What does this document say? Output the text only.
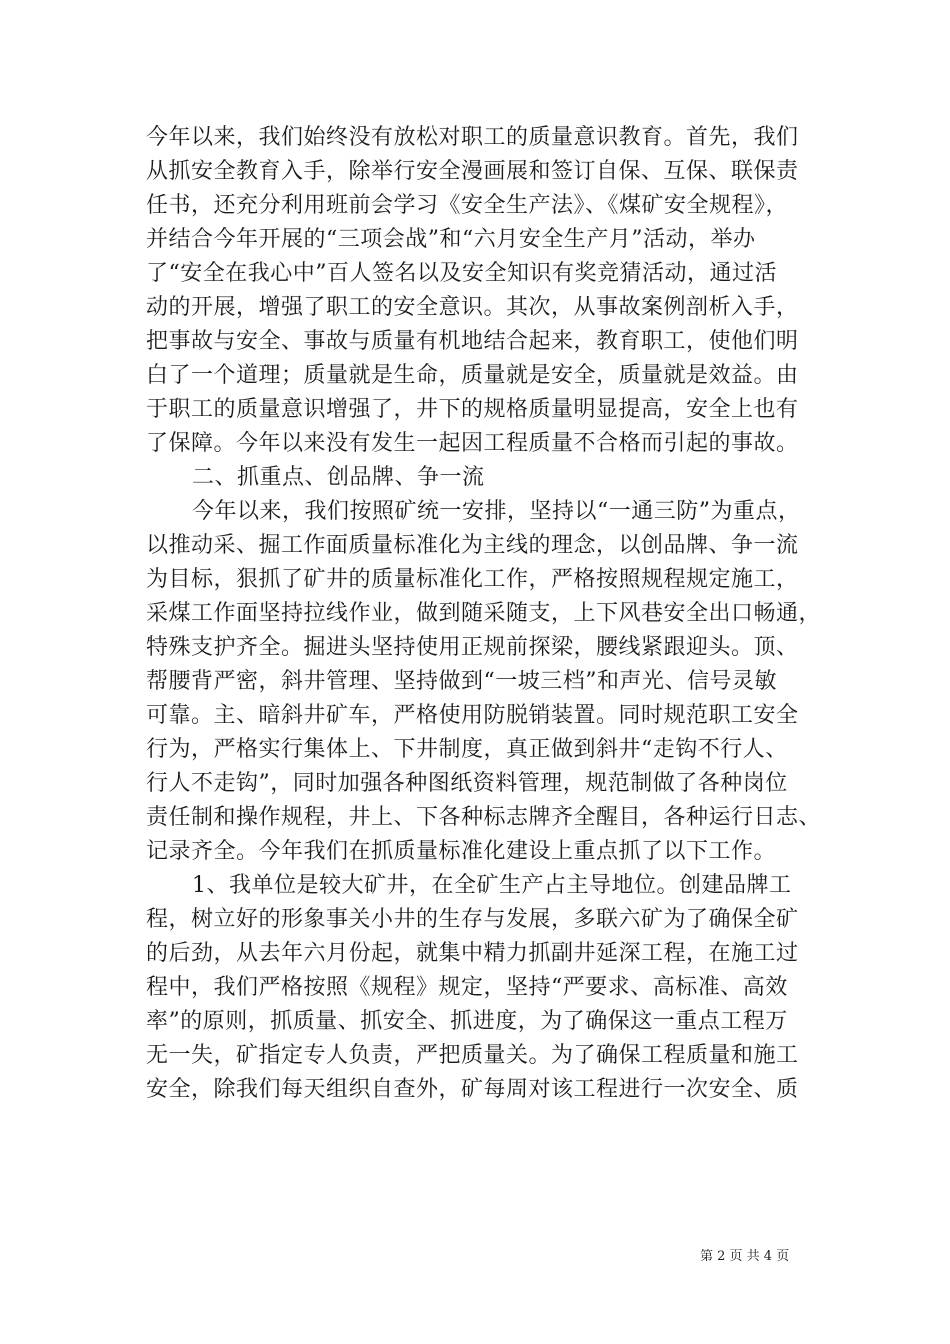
今年以来，我们始终没有放松对职工的质量意识教育。首先，我们
从抓安全教育入手，除举行安全漫画展和签订自保、互保、联保责
任书，还充分利用班前会学习《安全生产法》、《煤矿安全规程》，
并结合今年开展的“三项会战”和“六月安全生产月”活动，举办
了“安全在我心中”百人签名以及安全知识有奖竞猜活动，通过活
动的开展，增强了职工的安全意识。其次，从事故案例剖析入手，
把事故与安全、事故与质量有机地结合起来，教育职工，使他们明
白了一个道理；质量就是生命，质量就是安全，质量就是效益。由
于职工的质量意识增强了，井下的规格质量明显提高，安全上也有
了保障。今年以来没有发生一起因工程质量不合格而引起的事故。
二、抓重点、创品牌、争一流
今年以来，我们按照矿统一安排，坚持以“一通三防”为重点，
以推动采、掘工作面质量标准化为主线的理念，以创品牌、争一流
为目标，狠抓了矿井的质量标准化工作，严格按照规程规定施工，
采煤工作面坚持拉线作业，做到随采随支，上下风巷安全出口畅通，
特殊支护齐全。掘进头坚持使用正规前探梁，腰线紧跟迎头。顶、
帮腰背严密，斜井管理、坚持做到“一坡三档”和声光、信号灵敏
可靠。主、暗斜井矿车，严格使用防脱销装置。同时规范职工安全
行为，严格实行集体上、下井制度，真正做到斜井“走钩不行人、
行人不走钩”，同时加强各种图纸资料管理，规范制做了各种岗位
责任制和操作规程，井上、下各种标志牌齐全醒目，各种运行日志、
记录齐全。今年我们在抓质量标准化建设上重点抓了以下工作。
1、我单位是较大矿井，在全矿生产占主导地位。创建品牌工
程，树立好的形象事关小井的生存与发展，多联六矿为了确保全矿
的后劲，从去年六月份起，就集中精力抓副井延深工程，在施工过
程中，我们严格按照《规程》规定，坚持“严要求、高标准、高效
率”的原则，抓质量、抓安全、抓进度，为了确保这一重点工程万
无一失，矿指定专人负责，严把质量关。为了确保工程质量和施工
安全，除我们每天组织自查外，矿每周对该工程进行一次安全、质
第 2 页 共 4 页
